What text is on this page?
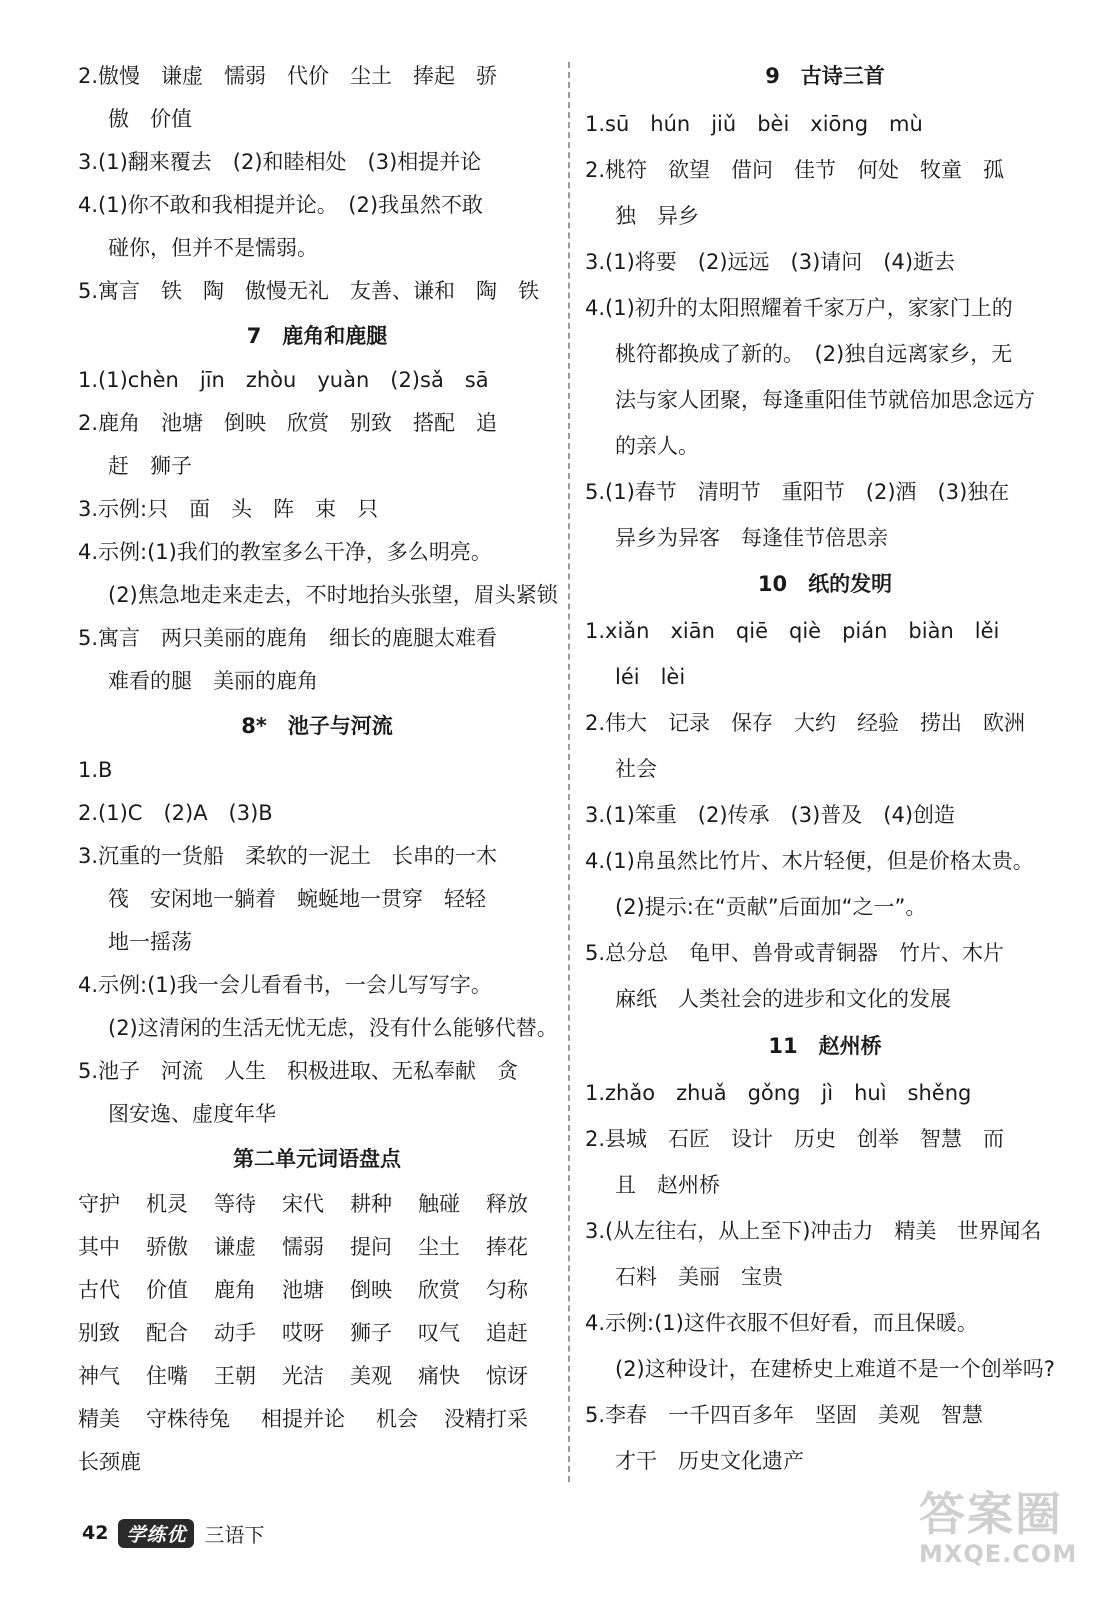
2.傲慢　谦虚　懦弱　代价　尘土　捧起　骄
傲　价值
3.(1)翻来覆去　(2)和睦相处　(3)相提并论
4.(1)你不敢和我相提并论。　(2)我虽然不敢
碰你，但并不是懦弱。
5.寓言　铁　陶　傲慢无礼　友善、谦和　陶　铁
7　鹿角和鹿腿
1.(1)chèn　jīn　zhòu　yuàn　(2)sǎ　sā
2.鹿角　池塘　倒映　欣赏　别致　搭配　追
赶　狮子
3.示例:只　面　头　阵　束　只
4.示例:(1)我们的教室多么干净，多么明亮。
(2)焦急地走来走去，不时地抬头张望，眉头紧锁
5.寓言　两只美丽的鹿角　细长的鹿腿太难看
难看的腿　美丽的鹿角
8*　池子与河流
1.B
2.(1)C　(2)A　(3)B
3.沉重的一货船　柔软的一泥土　长串的一木
筏　安闲地一躺着　蜿蜒地一贯穿　轻轻
地一摇荡
4.示例:(1)我一会儿看看书，一会儿写写字。
(2)这清闲的生活无忧无虑，没有什么能够代替。
5.池子　河流　人生　积极进取、无私奉献　贪
图安逸、虚度年华
第二单元词语盘点
守护 机灵 等待 宋代 耕种 触碰 释放
其中 骄傲 谦虚 懦弱 提问 尘土 捧花
古代 价值 鹿角 池塘 倒映 欣赏 匀称
别致 配合 动手 哎呀 狮子 叹气 追赶
神气 住嘴 王朝 光洁 美观 痛快 惊讶
精美 守株待兔 相提并论 机会 没精打采
长颈鹿
9　古诗三首
1.sū　hún　jiǔ　bèi　xiōng　mù
2.桃符　欲望　借问　佳节　何处　牧童　孤
独　异乡
3.(1)将要　(2)远远　(3)请问　(4)逝去
4.(1)初升的太阳照耀着千家万户，家家门上的
桃符都换成了新的。　(2)独自远离家乡，无
法与家人团聚，每逢重阳佳节就倍加思念远方
的亲人。
5.(1)春节　清明节　重阳节　(2)酒　(3)独在
异乡为异客　每逢佳节倍思亲
10　纸的发明
1.xiǎn　xiān　qiē　qiè　pián　biàn　lěi
léi　lèi
2.伟大　记录　保存　大约　经验　捞出　欧洲
社会
3.(1)笨重　(2)传承　(3)普及　(4)创造
4.(1)帛虽然比竹片、木片轻便，但是价格太贵。
(2)提示:在“贡献”后面加“之一”。
5.总分总　龟甲、兽骨或青铜器　竹片、木片
麻纸　人类社会的进步和文化的发展
11　赵州桥
1.zhǎo　zhuǎ　gǒng　jì　huì　shěng
2.县城　石匠　设计　历史　创举　智慧　而
且　赵州桥
3.(从左往右，从上至下)冲击力　精美　世界闻名
石料　美丽　宝贵
4.示例:(1)这件衣服不但好看，而且保暖。
(2)这种设计，在建桥史上难道不是一个创举吗?
5.李春　一千四百多年　坚固　美观　智慧
才干　历史文化遗产
42 学练优 三语下	答案圈
MXQE.COM
